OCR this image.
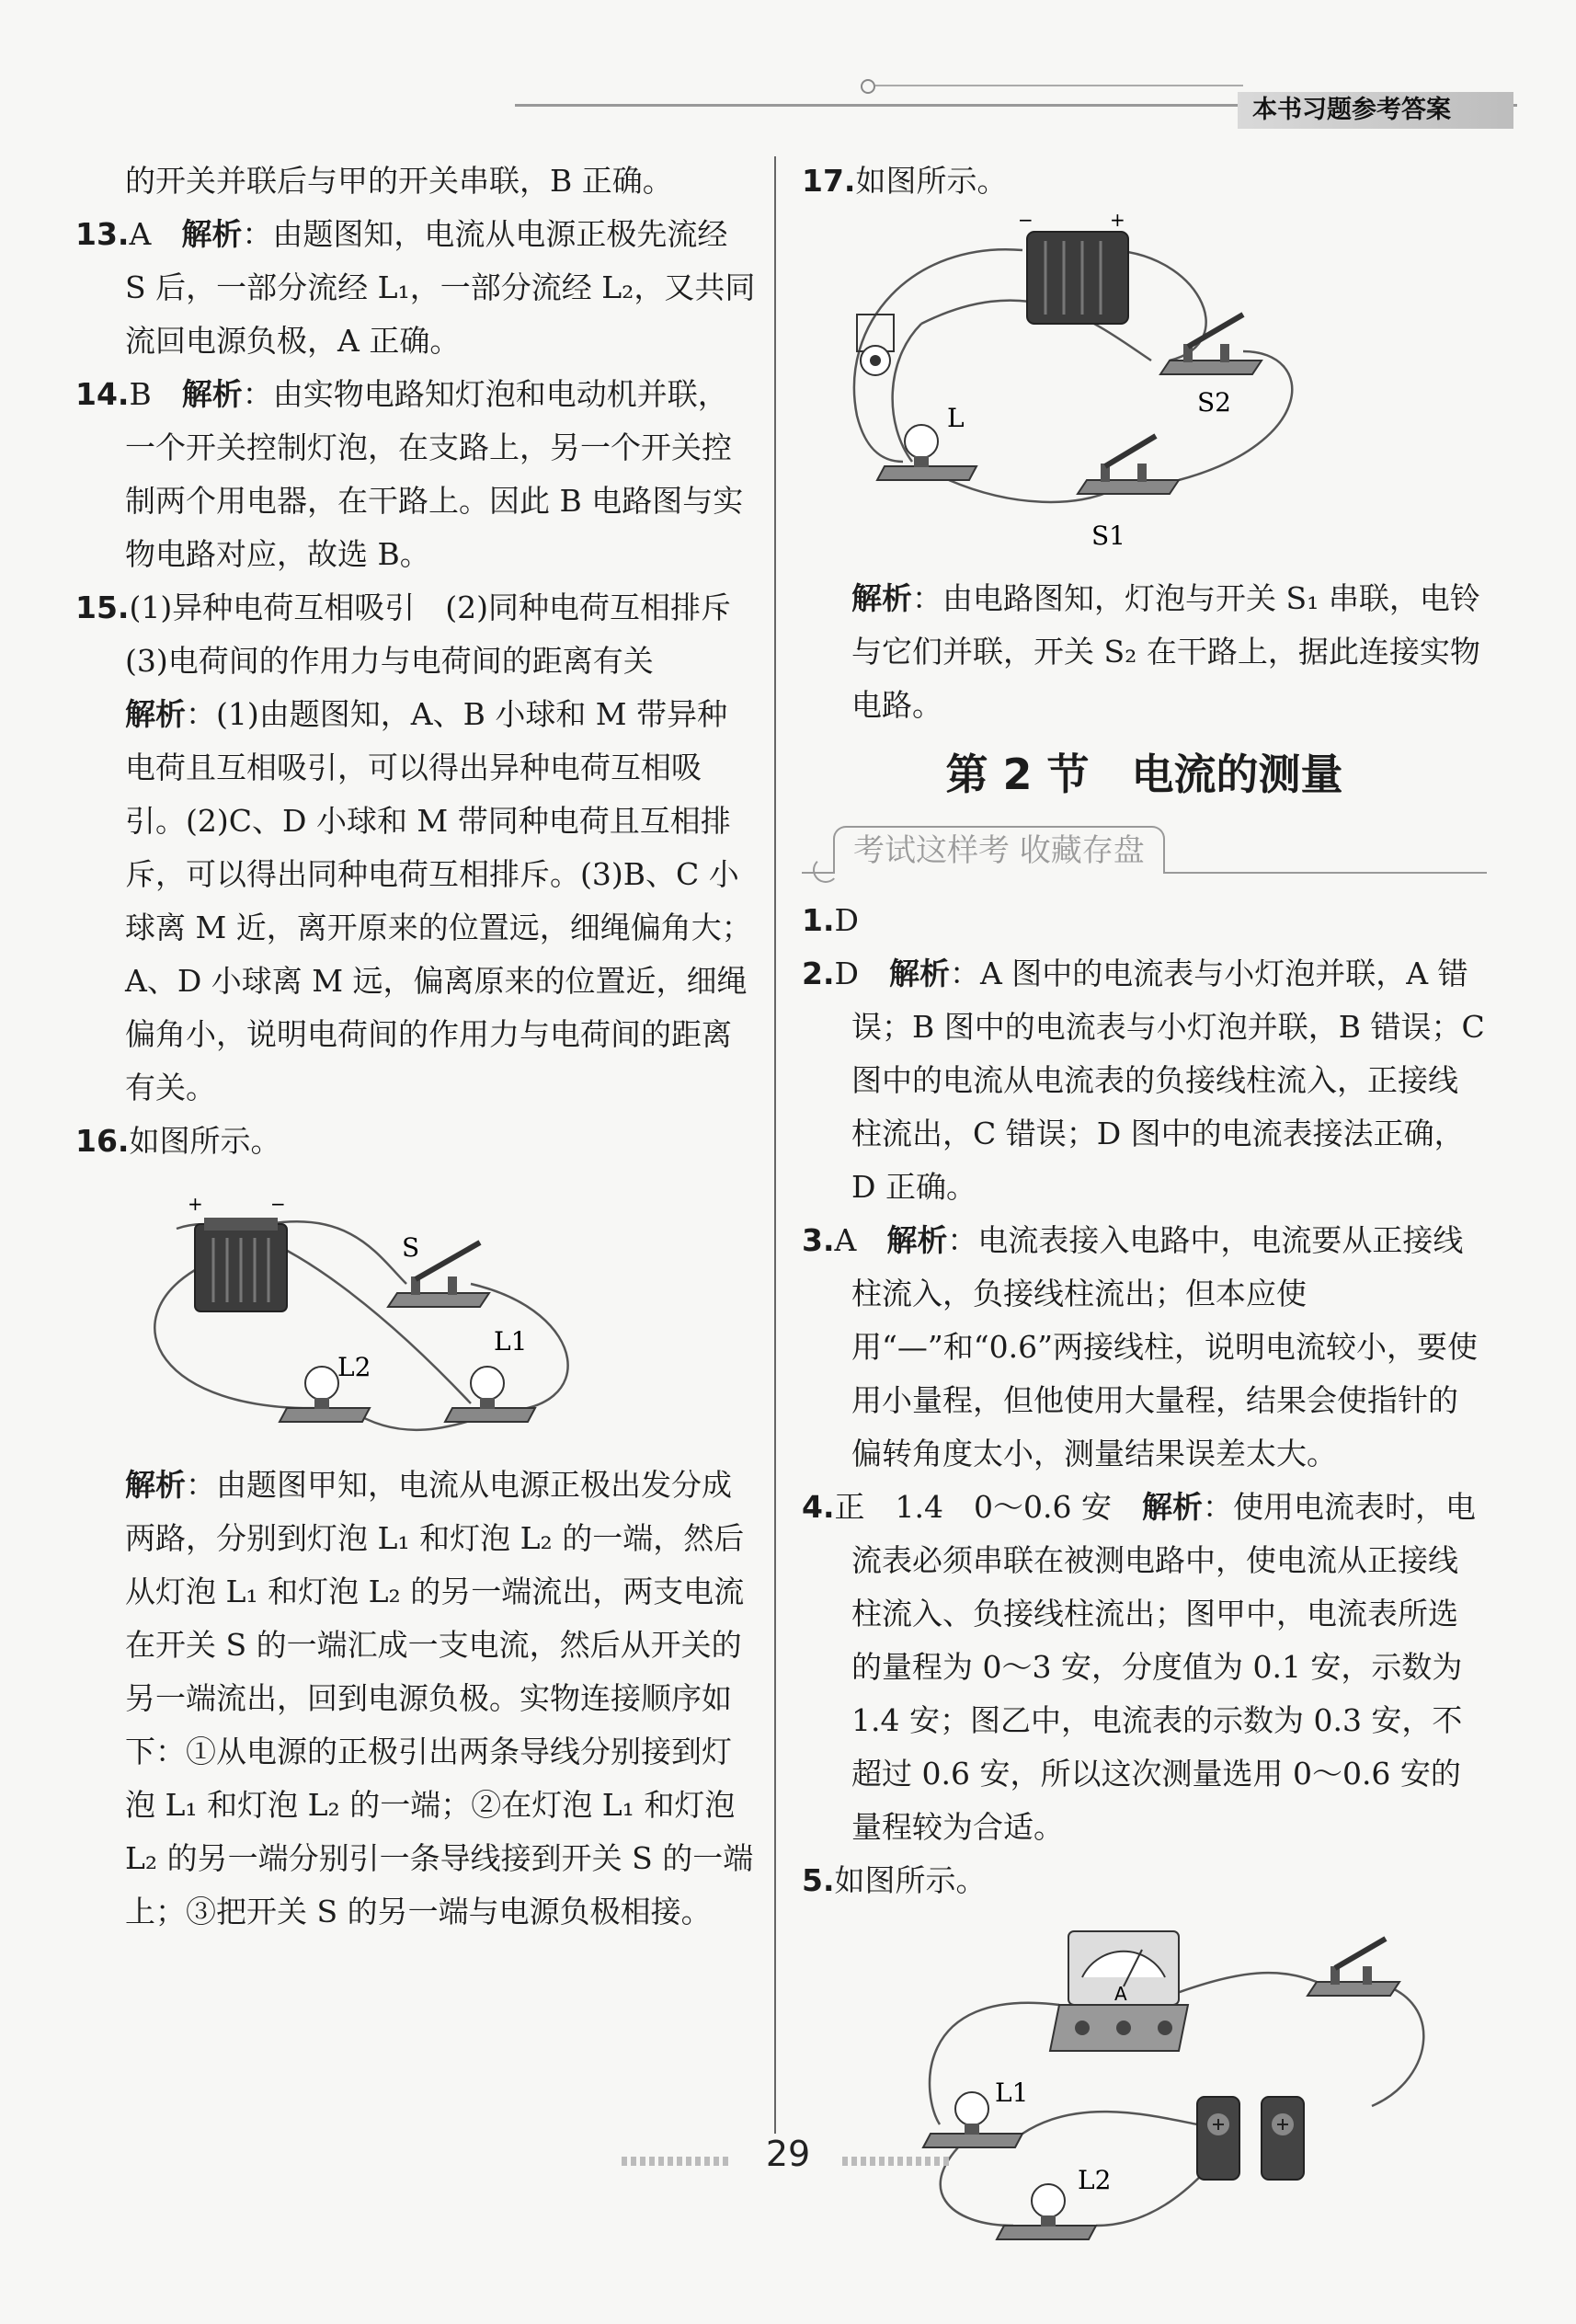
本书习题参考答案

的开关并联后与甲的开关串联，B 正确。

13.A　 解析：由题图知，电流从电源正极先流经 S 后，一部分流经 L₁，一部分流经 L₂，又共同流回电源负极，A 正确。

14.B　 解析：由实物电路知灯泡和电动机并联，一个开关控制灯泡，在支路上，另一个开关控制两个用电器，在干路上。因此 B 电路图与实物电路对应，故选 B。

15.(1)异种电荷互相吸引　(2)同种电荷互相排斥　(3)电荷间的作用力与电荷间的距离有关

解析：(1)由题图知，A、B 小球和 M 带异种电荷且互相吸引，可以得出异种电荷互相吸引。(2)C、D 小球和 M 带同种电荷且互相排斥，可以得出同种电荷互相排斥。(3)B、C 小球离 M 近，离开原来的位置远，细绳偏角大；A、D 小球离 M 远，偏离原来的位置近，细绳偏角小，说明电荷间的作用力与电荷间的距离有关。

16.如图所示。

+	−
S
L2
L1

解析：由题图甲知，电流从电源正极出发分成两路，分别到灯泡 L₁ 和灯泡 L₂ 的一端，然后从灯泡 L₁ 和灯泡 L₂ 的另一端流出，两支电流在开关 S 的一端汇成一支电流，然后从开关的另一端流出，回到电源负极。实物连接顺序如下：①从电源的正极引出两条导线分别接到灯泡 L₁ 和灯泡 L₂ 的一端；②在灯泡 L₁ 和灯泡 L₂ 的另一端分别引一条导线接到开关 S 的一端上；③把开关 S 的另一端与电源负极相接。

17.如图所示。

−	+
S2
L
S1

解析：由电路图知，灯泡与开关 S₁ 串联，电铃与它们并联，开关 S₂ 在干路上，据此连接实物电路。

第 2 节　电流的测量
考试这样考 收藏存盘

1.D

2.D　 解析：A 图中的电流表与小灯泡并联，A 错误；B 图中的电流表与小灯泡并联，B 错误；C 图中的电流从电流表的负接线柱流入，正接线柱流出，C 错误；D 图中的电流表接法正确，D 正确。

3.A　 解析：电流表接入电路中，电流要从正接线柱流入，负接线柱流出；但本应使用“—”和“0.6”两接线柱，说明电流较小，要使用小量程，但他使用大量程，结果会使指针的偏转角度太小，测量结果误差太大。

4.正　1.4　0～0.6 安　 解析：使用电流表时，电流表必须串联在被测电路中，使电流从正接线柱流入、负接线柱流出；图甲中，电流表所选的量程为 0～3 安，分度值为 0.1 安，示数为 1.4 安；图乙中，电流表的示数为 0.3 安，不超过 0.6 安，所以这次测量选用 0～0.6 安的量程较为合适。

5.如图所示。

A
L1
L2
29
